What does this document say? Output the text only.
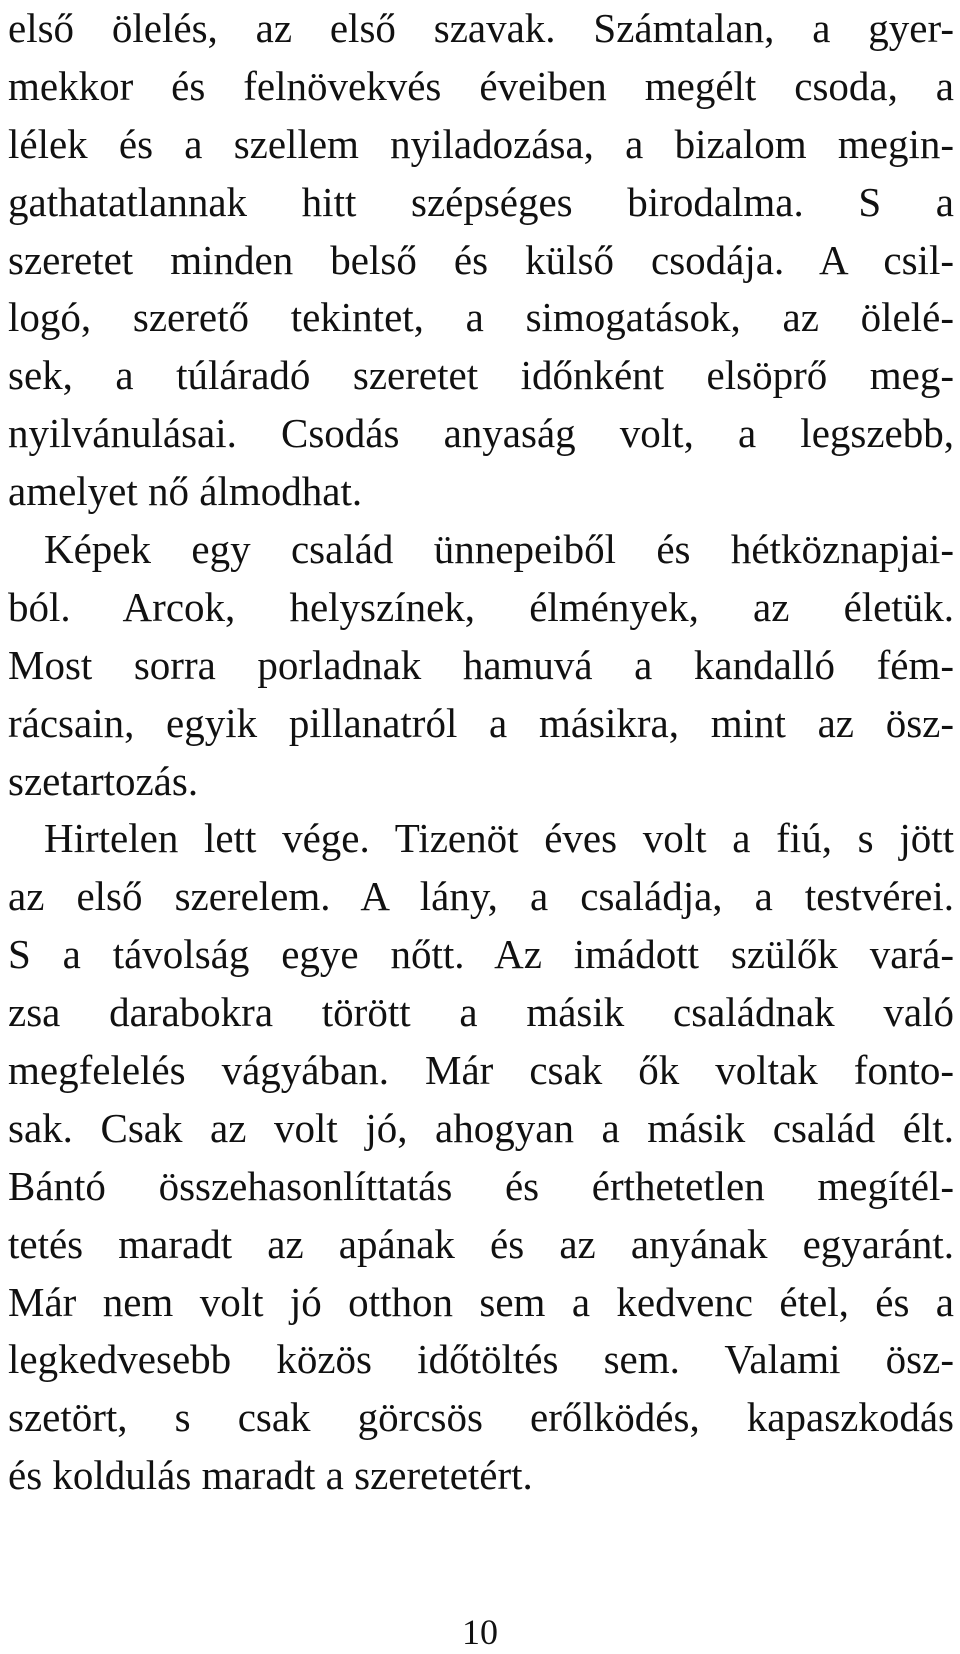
első ölelés, az első szavak. Számtalan, a gyer-
mekkor és felnövekvés éveiben megélt csoda, a
lélek és a szellem nyiladozása, a bizalom megin-
gathatatlannak hitt szépséges birodalma. S a
szeretet minden belső és külső csodája. A csil-
logó, szerető tekintet, a simogatások, az ölelé-
sek, a túláradó szeretet időnként elsöprő meg-
nyilvánulásai. Csodás anyaság volt, a legszebb,
amelyet nő álmodhat.
Képek egy család ünnepeiből és hétköznapjai-
ból. Arcok, helyszínek, élmények, az életük.
Most sorra porladnak hamuvá a kandalló fém-
rácsain, egyik pillanatról a másikra, mint az ösz-
szetartozás.
Hirtelen lett vége. Tizenöt éves volt a fiú, s jött
az első szerelem. A lány, a családja, a testvérei.
S a távolság egye nőtt. Az imádott szülők vará-
zsa darabokra törött a másik családnak való
megfelelés vágyában. Már csak ők voltak fonto-
sak. Csak az volt jó, ahogyan a másik család élt.
Bántó összehasonlíttatás és érthetetlen megítél-
tetés maradt az apának és az anyának egyaránt.
Már nem volt jó otthon sem a kedvenc étel, és a
legkedvesebb közös időtöltés sem. Valami ösz-
szetört, s csak görcsös erőlködés, kapaszkodás
és koldulás maradt a szeretetért.
10
